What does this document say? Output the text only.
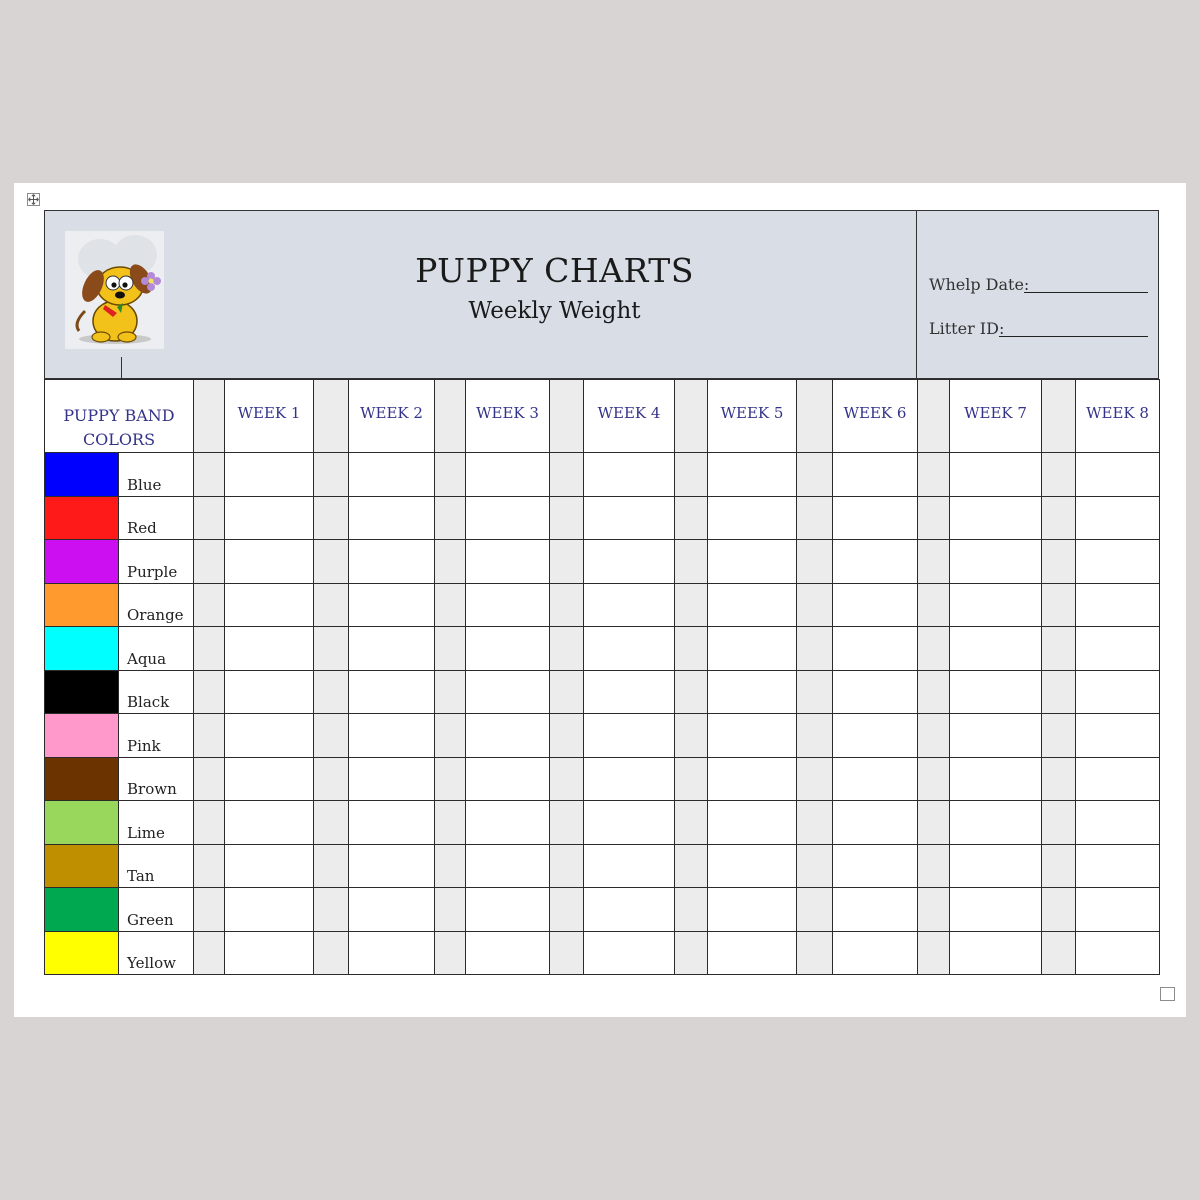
PUPPY CHARTS
Weekly Weight
Whelp Date:
Litter ID:
PUPPY BAND
COLORS			WEEK 1		WEEK 2		WEEK 3		WEEK 4		WEEK 5		WEEK 6		WEEK 7		WEEK 8
	Blue																
	Red																
	Purple																
	Orange																
	Aqua																
	Black																
	Pink																
	Brown																
	Lime																
	Tan																
	Green																
	Yellow																
